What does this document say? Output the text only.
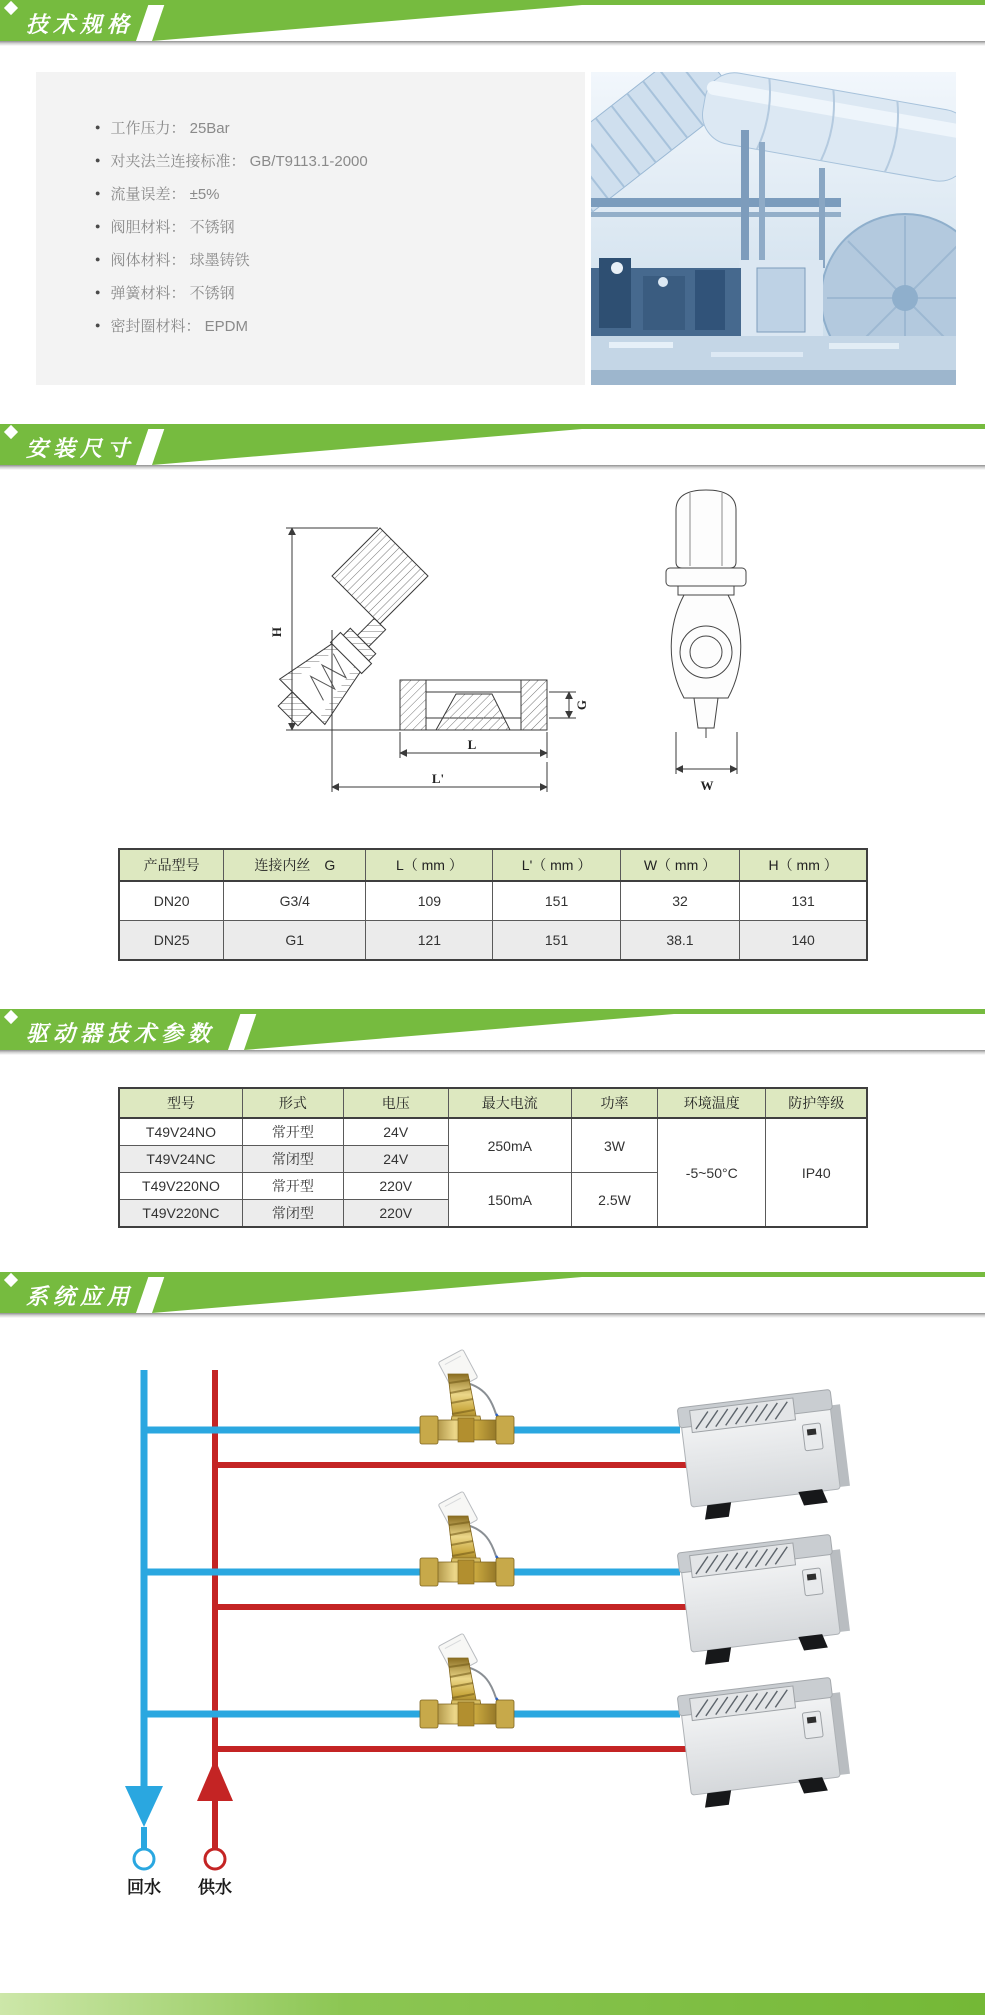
技术规格
● 工作压力： 25Bar
● 对夹法兰连接标准： GB/T9113.1-2000
● 流量误差： ±5%
● 阀胆材料： 不锈钢
● 阀体材料： 球墨铸铁
● 弹簧材料： 不锈钢
● 密封圈材料： EPDM
安装尺寸
H
L
L'
G
W
产品型号	连接内丝　G	L（ mm ）	L'（ mm ）	W（ mm ）	H（ mm ）
DN20	G3/4	109	151	32	131
DN25	G1	121	151	38.1	140
驱动器技术参数
型号	形式	电压	最大电流	功率	环境温度	防护等级
T49V24NO	常开型	24V	250mA	3W	-5~50°C	IP40
T49V24NC	常闭型	24V				
T49V220NO	常开型	220V	150mA	2.5W		
T49V220NC	常闭型	220V				
系统应用
回水 供水
